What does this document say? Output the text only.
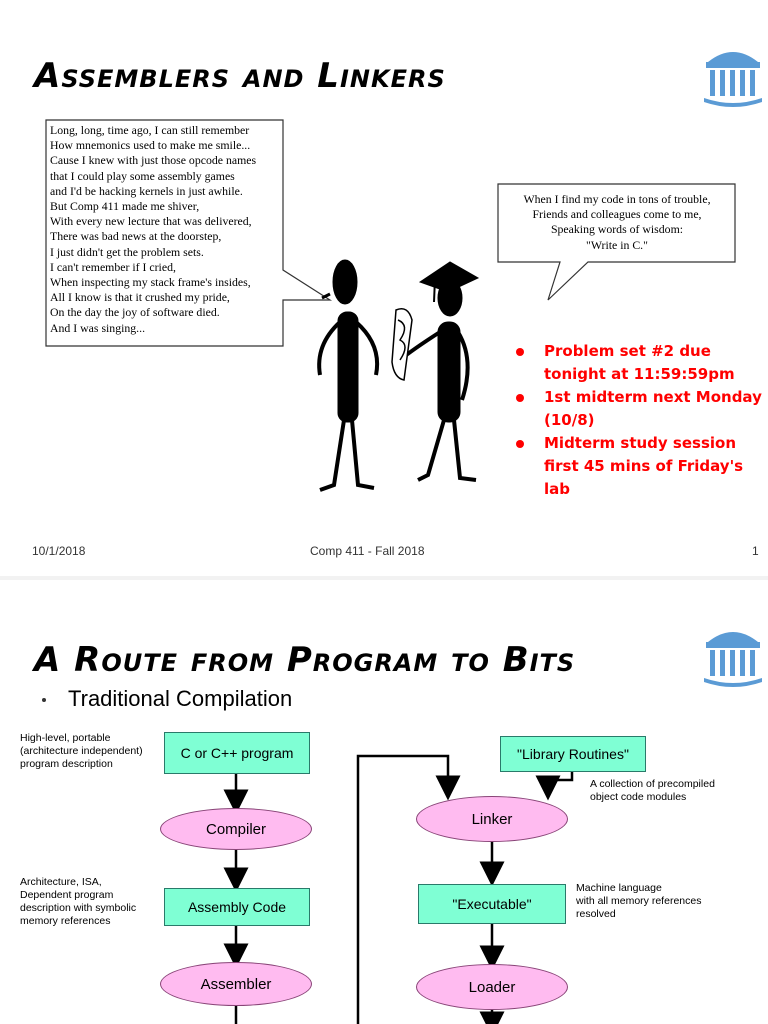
Assemblers and Linkers
Long, long, time ago, I can still remember
How mnemonics used to make me smile...
Cause I knew with just those opcode names
that I could play some assembly games
and I'd be hacking kernels in just awhile.
But Comp 411 made me shiver,
With every new lecture that was delivered,
There was bad news at the doorstep,
I just didn't get the problem sets.
I can't remember if I cried,
When inspecting my stack frame's insides,
All I know is that it crushed my pride,
On the day the joy of software died.
And I was singing...
When I find my code in tons of trouble,
Friends and colleagues come to me,
Speaking words of wisdom:
"Write in C."
Problem set #2 due tonight at 11:59:59pm
1st midterm next Monday (10/8)
Midterm study session first 45 mins of Friday's lab
10/1/2018	Comp 411 - Fall 2018	1
A Route from Program to Bits
Traditional Compilation
C or C++ program
Compiler
Assembly Code
Assembler
"Library Routines"
Linker
"Executable"
Loader
High-level, portable
(architecture independent)
program description
Architecture, ISA,
Dependent program
description with symbolic
memory references
A collection of precompiled
object code modules
Machine language
with all memory references
resolved
